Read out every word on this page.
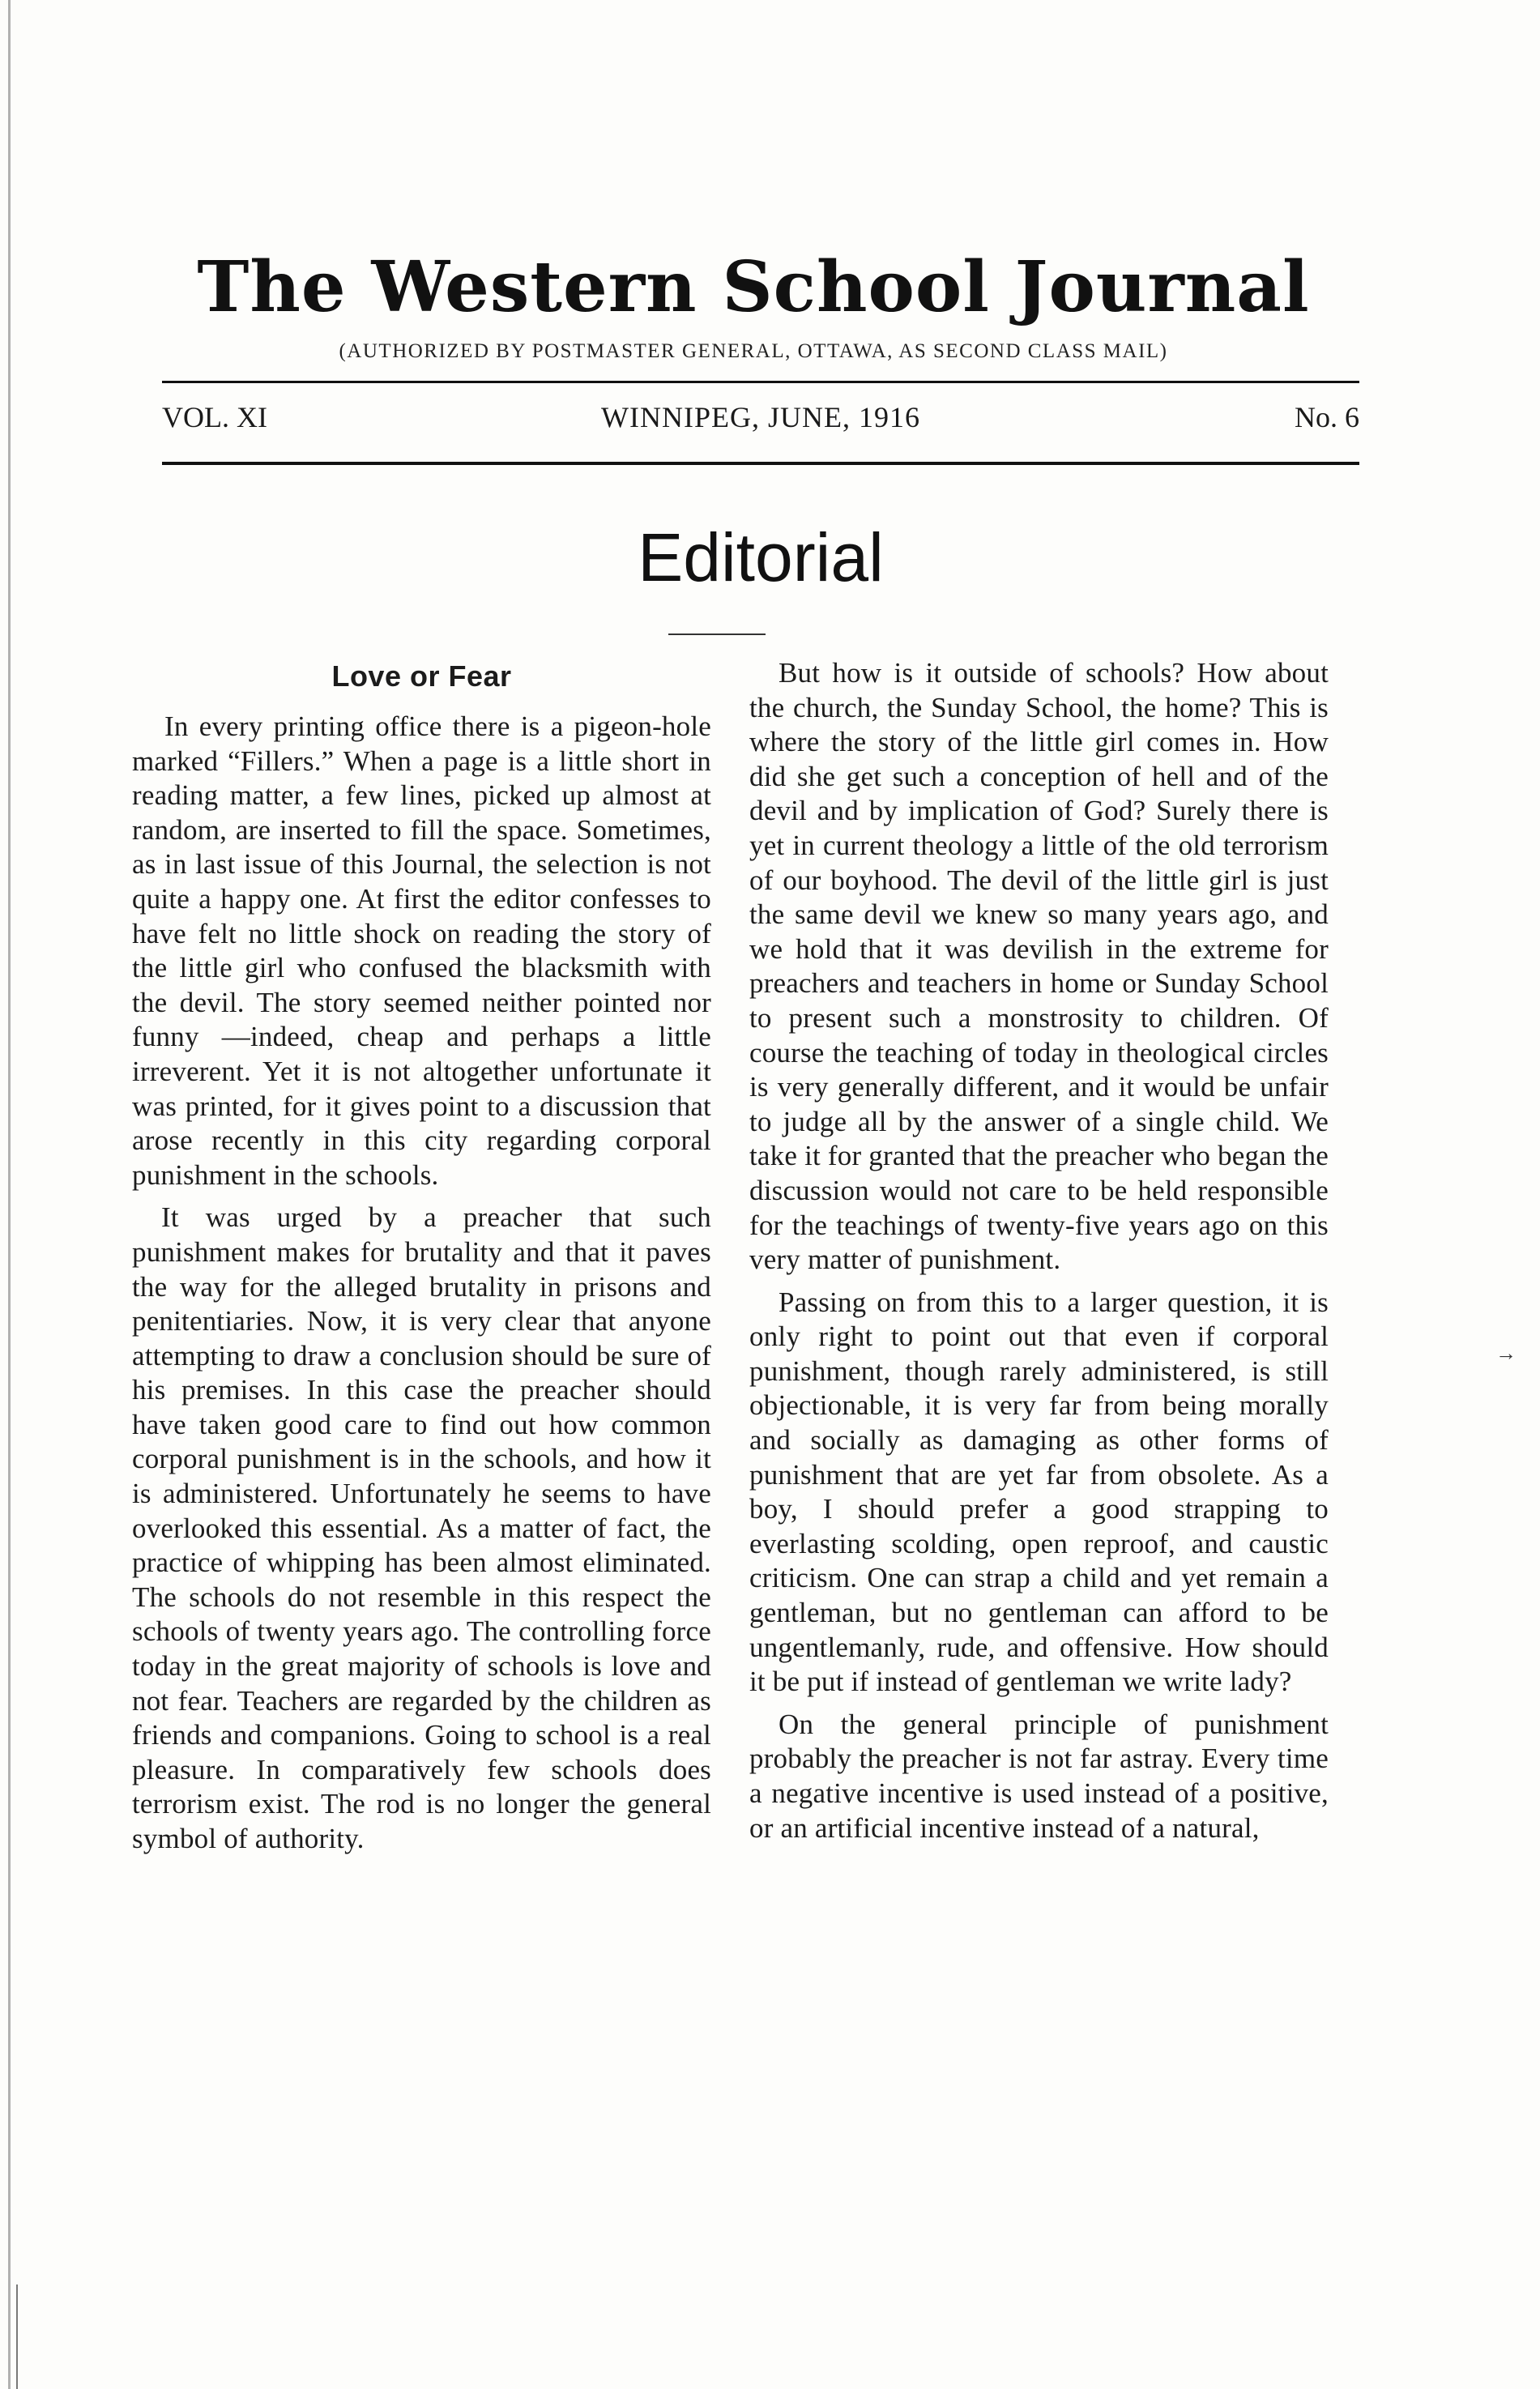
The Western School Journal
(AUTHORIZED BY POSTMASTER GENERAL, OTTAWA, AS SECOND CLASS MAIL)
VOL. XI	WINNIPEG, JUNE, 1916	No. 6
Editorial
Love or Fear

In every printing office there is a pigeon-hole marked “Fillers.” When a page is a little short in reading matter, a few lines, picked up almost at random, are inserted to fill the space. Sometimes, as in last issue of this Journal, the selection is not quite a happy one. At first the editor confesses to have felt no little shock on reading the story of the little girl who confused the blacksmith with the devil. The story seemed neither pointed nor funny —indeed, cheap and perhaps a little irreverent. Yet it is not altogether unfortunate it was printed, for it gives point to a discussion that arose recently in this city regarding corporal punishment in the schools.

It was urged by a preacher that such punishment makes for brutality and that it paves the way for the alleged brutality in prisons and penitentiaries. Now, it is very clear that anyone attempting to draw a conclusion should be sure of his premises. In this case the preacher should have taken good care to find out how common corporal punishment is in the schools, and how it is administered. Unfortunately he seems to have overlooked this essential. As a matter of fact, the practice of whipping has been almost eliminated. The schools do not resemble in this respect the schools of twenty years ago. The controlling force today in the great majority of schools is love and not fear. Teachers are regarded by the children as friends and companions. Going to school is a real pleasure. In comparatively few schools does terrorism exist. The rod is no longer the general symbol of authority.

But how is it outside of schools? How about the church, the Sunday School, the home? This is where the story of the little girl comes in. How did she get such a conception of hell and of the devil and by implication of God? Surely there is yet in current theology a little of the old terrorism of our boyhood. The devil of the little girl is just the same devil we knew so many years ago, and we hold that it was devilish in the extreme for preachers and teachers in home or Sunday School to present such a monstrosity to children. Of course the teaching of today in theological circles is very generally different, and it would be unfair to judge all by the answer of a single child. We take it for granted that the preacher who began the discussion would not care to be held responsible for the teachings of twenty-five years ago on this very matter of punishment.

Passing on from this to a larger question, it is only right to point out that even if corporal punishment, though rarely administered, is still objectionable, it is very far from being morally and socially as damaging as other forms of punishment that are yet far from obsolete. As a boy, I should prefer a good strapping to everlasting scolding, open reproof, and caustic criticism. One can strap a child and yet remain a gentleman, but no gentleman can afford to be ungentlemanly, rude, and offensive. How should it be put if instead of gentleman we write lady?

On the general principle of punishment probably the preacher is not far astray. Every time a negative incentive is used instead of a positive, or an artificial incentive instead of a natural,

→
